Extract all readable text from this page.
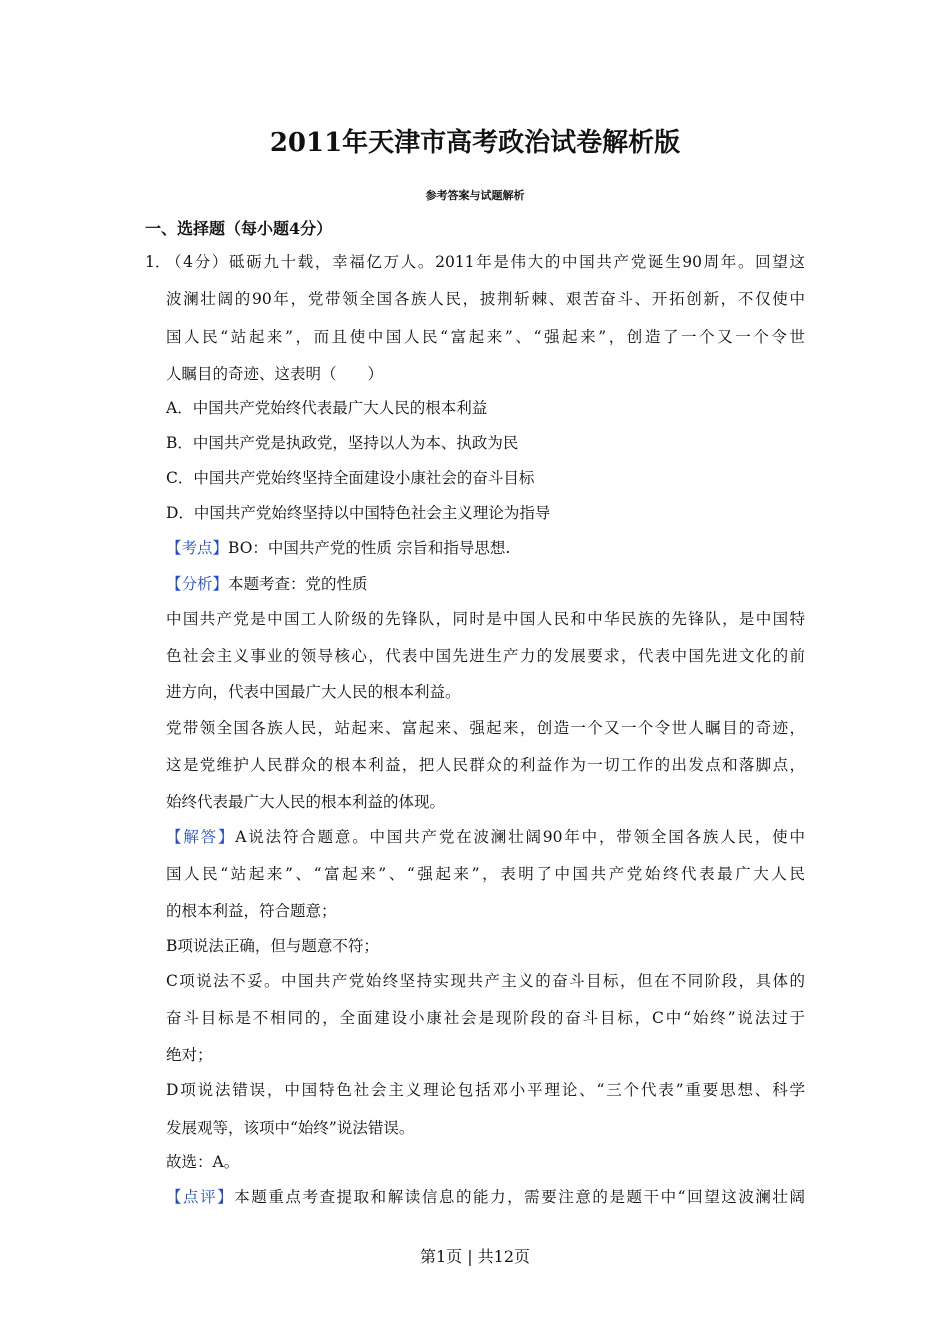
2011年天津市高考政治试卷解析版
参考答案与试题解析
一、选择题（每小题4分）
1．
（4分）砥砺九十载，幸福亿万人。2011年是伟大的中国共产党诞生90周年。回望这
波澜壮阔的90年，党带领全国各族人民，披荆斩棘、艰苦奋斗、开拓创新，不仅使中
国人民“站起来”，而且使中国人民“富起来”、“强起来”，创造了一个又一个令世
人瞩目的奇迹、这表明（　　）
A．中国共产党始终代表最广大人民的根本利益
B．中国共产党是执政党，坚持以人为本、执政为民
C．中国共产党始终坚持全面建设小康社会的奋斗目标
D．中国共产党始终坚持以中国特色社会主义理论为指导
【考点】BO：中国共产党的性质 宗旨和指导思想.
【分析】本题考查：党的性质
中国共产党是中国工人阶级的先锋队，同时是中国人民和中华民族的先锋队，是中国特
色社会主义事业的领导核心，代表中国先进生产力的发展要求，代表中国先进文化的前
进方向，代表中国最广大人民的根本利益。
党带领全国各族人民，站起来、富起来、强起来，创造一个又一个令世人瞩目的奇迹，
这是党维护人民群众的根本利益，把人民群众的利益作为一切工作的出发点和落脚点，
始终代表最广大人民的根本利益的体现。
【解答】A说法符合题意。中国共产党在波澜壮阔90年中，带领全国各族人民，使中
国人民“站起来”、“富起来”、“强起来”，表明了中国共产党始终代表最广大人民
的根本利益，符合题意；
B项说法正确，但与题意不符；
C项说法不妥。中国共产党始终坚持实现共产主义的奋斗目标，但在不同阶段，具体的
奋斗目标是不相同的，全面建设小康社会是现阶段的奋斗目标，C中“始终”说法过于
绝对；
D项说法错误，中国特色社会主义理论包括邓小平理论、“三个代表”重要思想、科学
发展观等，该项中“始终”说法错误。
故选：A。
【点评】本题重点考查提取和解读信息的能力，需要注意的是题干中“回望这波澜壮阔
第1页 | 共12页
